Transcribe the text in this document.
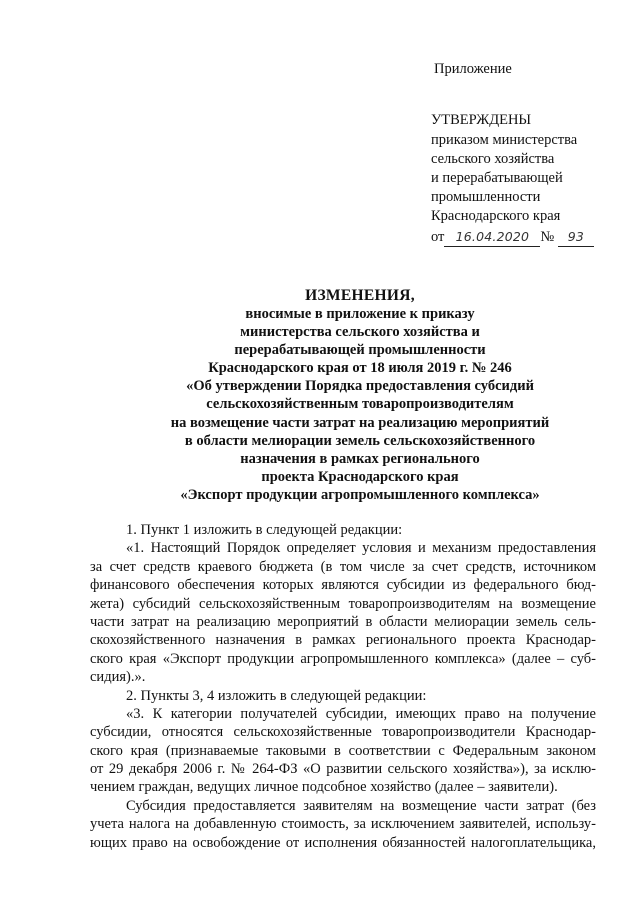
Приложение
УТВЕРЖДЕНЫ
приказом министерства
сельского хозяйства
и перерабатывающей
промышленности
Краснодарского края
от 16.04.2020 № 93
ИЗМЕНЕНИЯ,
вносимые в приложение к приказу
министерства сельского хозяйства и
перерабатывающей промышленности
Краснодарского края от 18 июля 2019 г. № 246
«Об утверждении Порядка предоставления субсидий
сельскохозяйственным товаропроизводителям
на возмещение части затрат на реализацию мероприятий
в области мелиорации земель сельскохозяйственного
назначения в рамках регионального
проекта Краснодарского края
«Экспорт продукции агропромышленного комплекса»
1. Пункт 1 изложить в следующей редакции:
«1. Настоящий Порядок определяет условия и механизм предоставления
за счет средств краевого бюджета (в том числе за счет средств, источником
финансового обеспечения которых являются субсидии из федерального бюд-
жета) субсидий сельскохозяйственным товаропроизводителям на возмещение
части затрат на реализацию мероприятий в области мелиорации земель сель-
скохозяйственного назначения в рамках регионального проекта Краснодар-
ского края «Экспорт продукции агропромышленного комплекса» (далее – суб-
сидия).».
2. Пункты 3, 4 изложить в следующей редакции:
«3. К категории получателей субсидии, имеющих право на получение
субсидии, относятся сельскохозяйственные товаропроизводители Краснодар-
ского края (признаваемые таковыми в соответствии с Федеральным законом
от 29 декабря 2006 г. № 264-ФЗ «О развитии сельского хозяйства»), за исклю-
чением граждан, ведущих личное подсобное хозяйство (далее – заявители).
Субсидия предоставляется заявителям на возмещение части затрат (без
учета налога на добавленную стоимость, за исключением заявителей, использу-
ющих право на освобождение от исполнения обязанностей налогоплательщика,
